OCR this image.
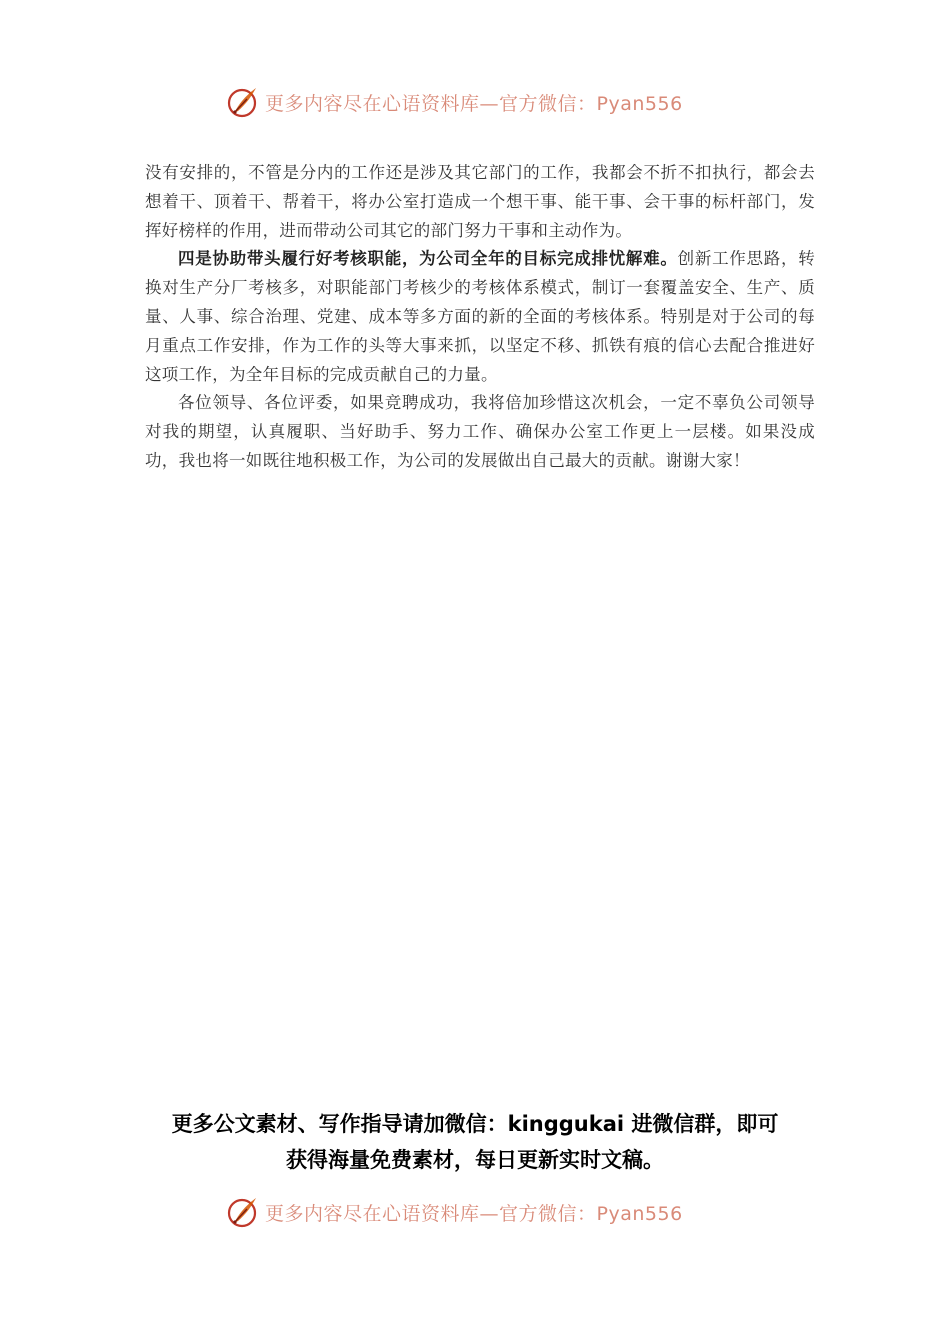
更多内容尽在心语资料库—官方微信：Pyan556

没有安排的，不管是分内的工作还是涉及其它部门的工作，我都会不折不扣执行，都会去想着干、顶着干、帮着干，将办公室打造成一个想干事、能干事、会干事的标杆部门，发挥好榜样的作用，进而带动公司其它的部门努力干事和主动作为。

四是协助带头履行好考核职能，为公司全年的目标完成排忧解难。创新工作思路，转换对生产分厂考核多，对职能部门考核少的考核体系模式，制订一套覆盖安全、生产、质量、人事、综合治理、党建、成本等多方面的新的全面的考核体系。特别是对于公司的每月重点工作安排，作为工作的头等大事来抓，以坚定不移、抓铁有痕的信心去配合推进好这项工作，为全年目标的完成贡献自己的力量。

各位领导、各位评委，如果竞聘成功，我将倍加珍惜这次机会，一定不辜负公司领导对我的期望，认真履职、当好助手、努力工作、确保办公室工作更上一层楼。如果没成功，我也将一如既往地积极工作，为公司的发展做出自己最大的贡献。谢谢大家！

更多公文素材、写作指导请加微信：kinggukai 进微信群，即可
获得海量免费素材，每日更新实时文稿。
更多内容尽在心语资料库—官方微信：Pyan556
